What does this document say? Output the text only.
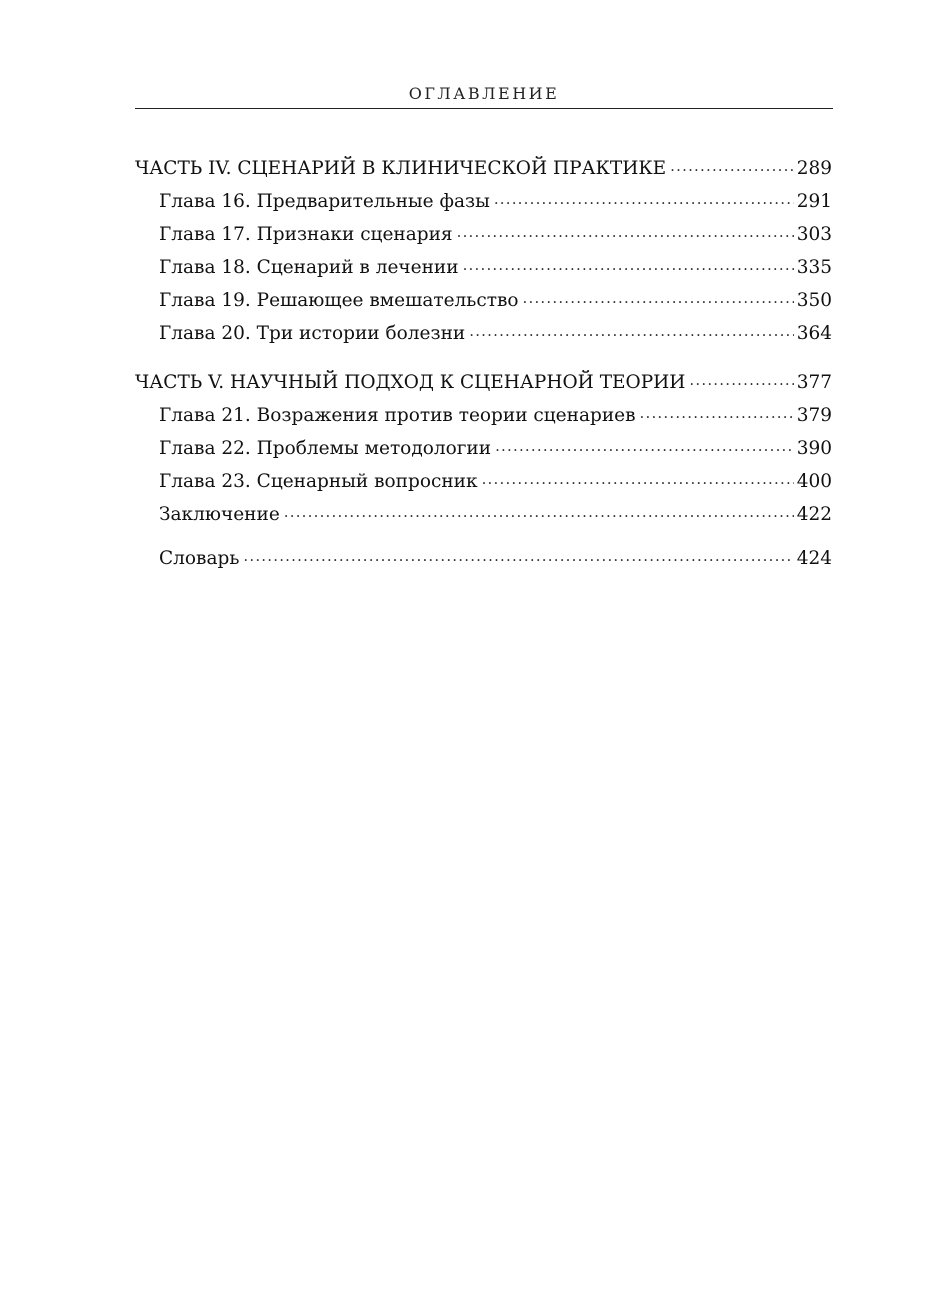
ОГЛАВЛЕНИЕ
ЧАСТЬ IV. СЦЕНАРИЙ В КЛИНИЧЕСКОЙ ПРАКТИКЕ .....	289
Глава 16. Предварительные фазы .....	291
Глава 17. Признаки сценария .....	303
Глава 18. Сценарий в лечении .....	335
Глава 19. Решающее вмешательство .....	350
Глава 20. Три истории болезни .....	364
ЧАСТЬ V. НАУЧНЫЙ ПОДХОД К СЦЕНАРНОЙ ТЕОРИИ .....	377
Глава 21. Возражения против теории сценариев .....	379
Глава 22. Проблемы методологии .....	390
Глава 23. Сценарный вопросник .....	400
Заключение .....	422
Словарь .....	424
